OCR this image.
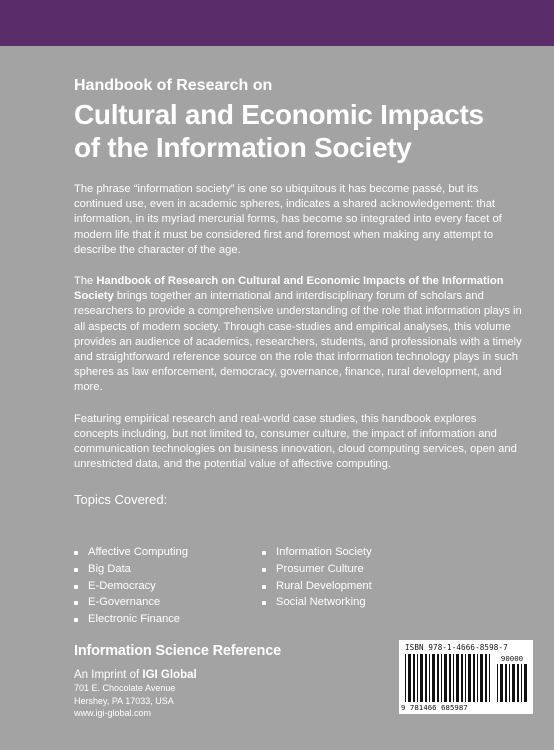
Handbook of Research on

Cultural and Economic Impacts
of the Information Society

The phrase “information society” is one so ubiquitous it has become passé, but its continued use, even in academic spheres, indicates a shared acknowledgement: that information, in its myriad mercurial forms, has become so integrated into every facet of modern life that it must be considered first and foremost when making any attempt to describe the character of the age.

The Handbook of Research on Cultural and Economic Impacts of the Information Society brings together an international and interdisciplinary forum of scholars and researchers to provide a comprehensive understanding of the role that information plays in all aspects of modern society. Through case-studies and empirical analyses, this volume provides an audience of academics, researchers, students, and professionals with a timely and straightforward reference source on the role that information technology plays in such spheres as law enforcement, democracy, governance, finance, rural development, and more.

Featuring empirical research and real-world case studies, this handbook explores concepts including, but not limited to, consumer culture, the impact of information and communication technologies on business innovation, cloud computing services, open and unrestricted data, and the potential value of affective computing.

Topics Covered:

Affective Computing
Big Data
E-Democracy
E-Governance
Electronic Finance
Information Society
Prosumer Culture
Rural Development
Social Networking

Information Science Reference

An Imprint of IGI Global

701 E. Chocolate Avenue

Hershey, PA 17033, USA

www.igi-global.com

ISBN 978-1-4666-8598-7
90000
9 781466 685987
